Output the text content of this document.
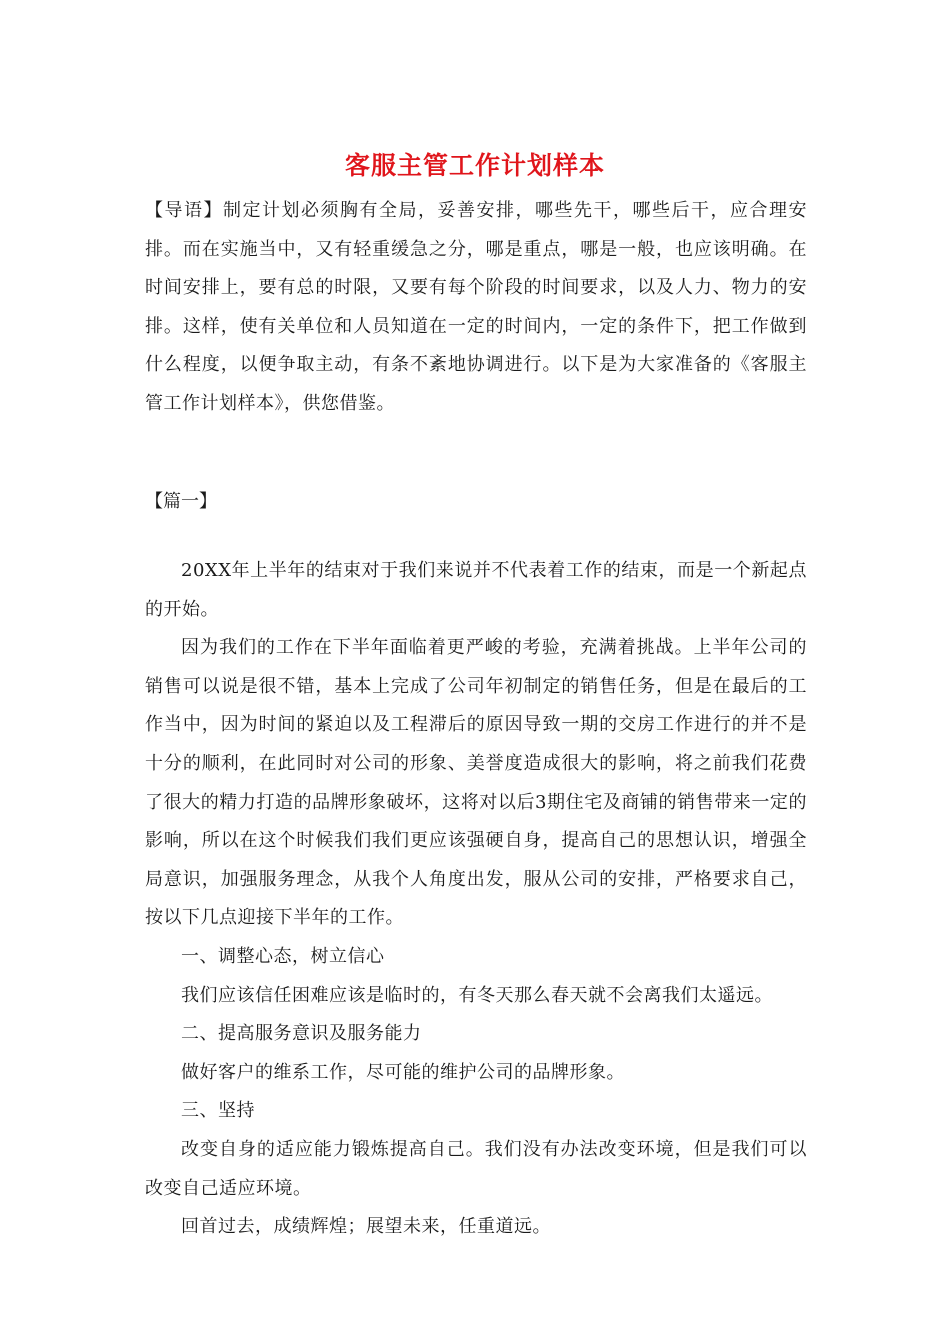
客服主管工作计划样本
【导语】制定计划必须胸有全局，妥善安排，哪些先干，哪些后干，应合理安排。而在实施当中，又有轻重缓急之分，哪是重点，哪是一般，也应该明确。在时间安排上，要有总的时限，又要有每个阶段的时间要求，以及人力、物力的安排。这样，使有关单位和人员知道在一定的时间内，一定的条件下，把工作做到什么程度，以便争取主动，有条不紊地协调进行。以下是为大家准备的《客服主管工作计划样本》，供您借鉴。
【篇一】

20XX年上半年的结束对于我们来说并不代表着工作的结束，而是一个新起点的开始。

因为我们的工作在下半年面临着更严峻的考验，充满着挑战。上半年公司的销售可以说是很不错，基本上完成了公司年初制定的销售任务，但是在最后的工作当中，因为时间的紧迫以及工程滞后的原因导致一期的交房工作进行的并不是十分的顺利，在此同时对公司的形象、美誉度造成很大的影响，将之前我们花费了很大的精力打造的品牌形象破坏，这将对以后3期住宅及商铺的销售带来一定的影响，所以在这个时候我们我们更应该强硬自身，提高自己的思想认识，增强全局意识，加强服务理念，从我个人角度出发，服从公司的安排，严格要求自己，按以下几点迎接下半年的工作。

一、调整心态，树立信心

我们应该信任困难应该是临时的，有冬天那么春天就不会离我们太遥远。

二、提高服务意识及服务能力

做好客户的维系工作，尽可能的维护公司的品牌形象。

三、坚持

改变自身的适应能力锻炼提高自己。我们没有办法改变环境，但是我们可以改变自己适应环境。

回首过去，成绩辉煌；展望未来，任重道远。
